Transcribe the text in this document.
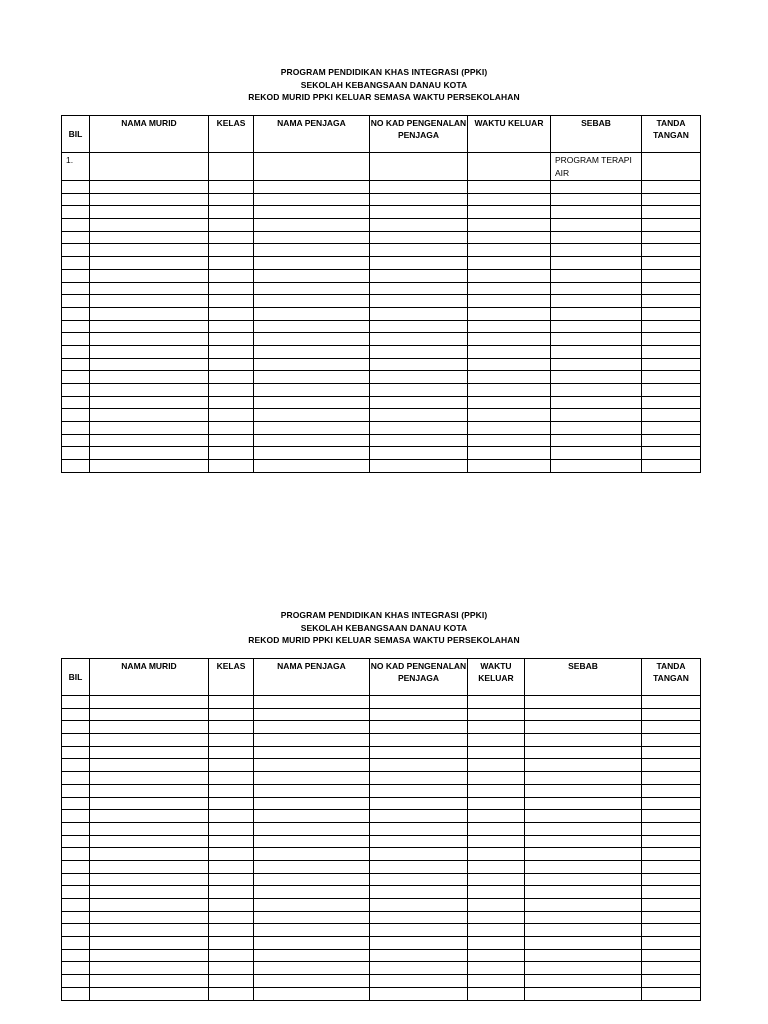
PROGRAM PENDIDIKAN KHAS INTEGRASI (PPKI)
SEKOLAH KEBANGSAAN DANAU KOTA
REKOD MURID PPKI KELUAR SEMASA WAKTU PERSEKOLAHAN
BIL	NAMA MURID	KELAS	NAMA PENJAGA	NO KAD PENGENALAN PENJAGA	WAKTU KELUAR	SEBAB	TANDA TANGAN
1.						PROGRAM TERAPI AIR	

PROGRAM PENDIDIKAN KHAS INTEGRASI (PPKI)
SEKOLAH KEBANGSAAN DANAU KOTA
REKOD MURID PPKI KELUAR SEMASA WAKTU PERSEKOLAHAN
BIL	NAMA MURID	KELAS	NAMA PENJAGA	NO KAD PENGENALAN PENJAGA	WAKTU KELUAR	SEBAB	TANDA TANGAN
